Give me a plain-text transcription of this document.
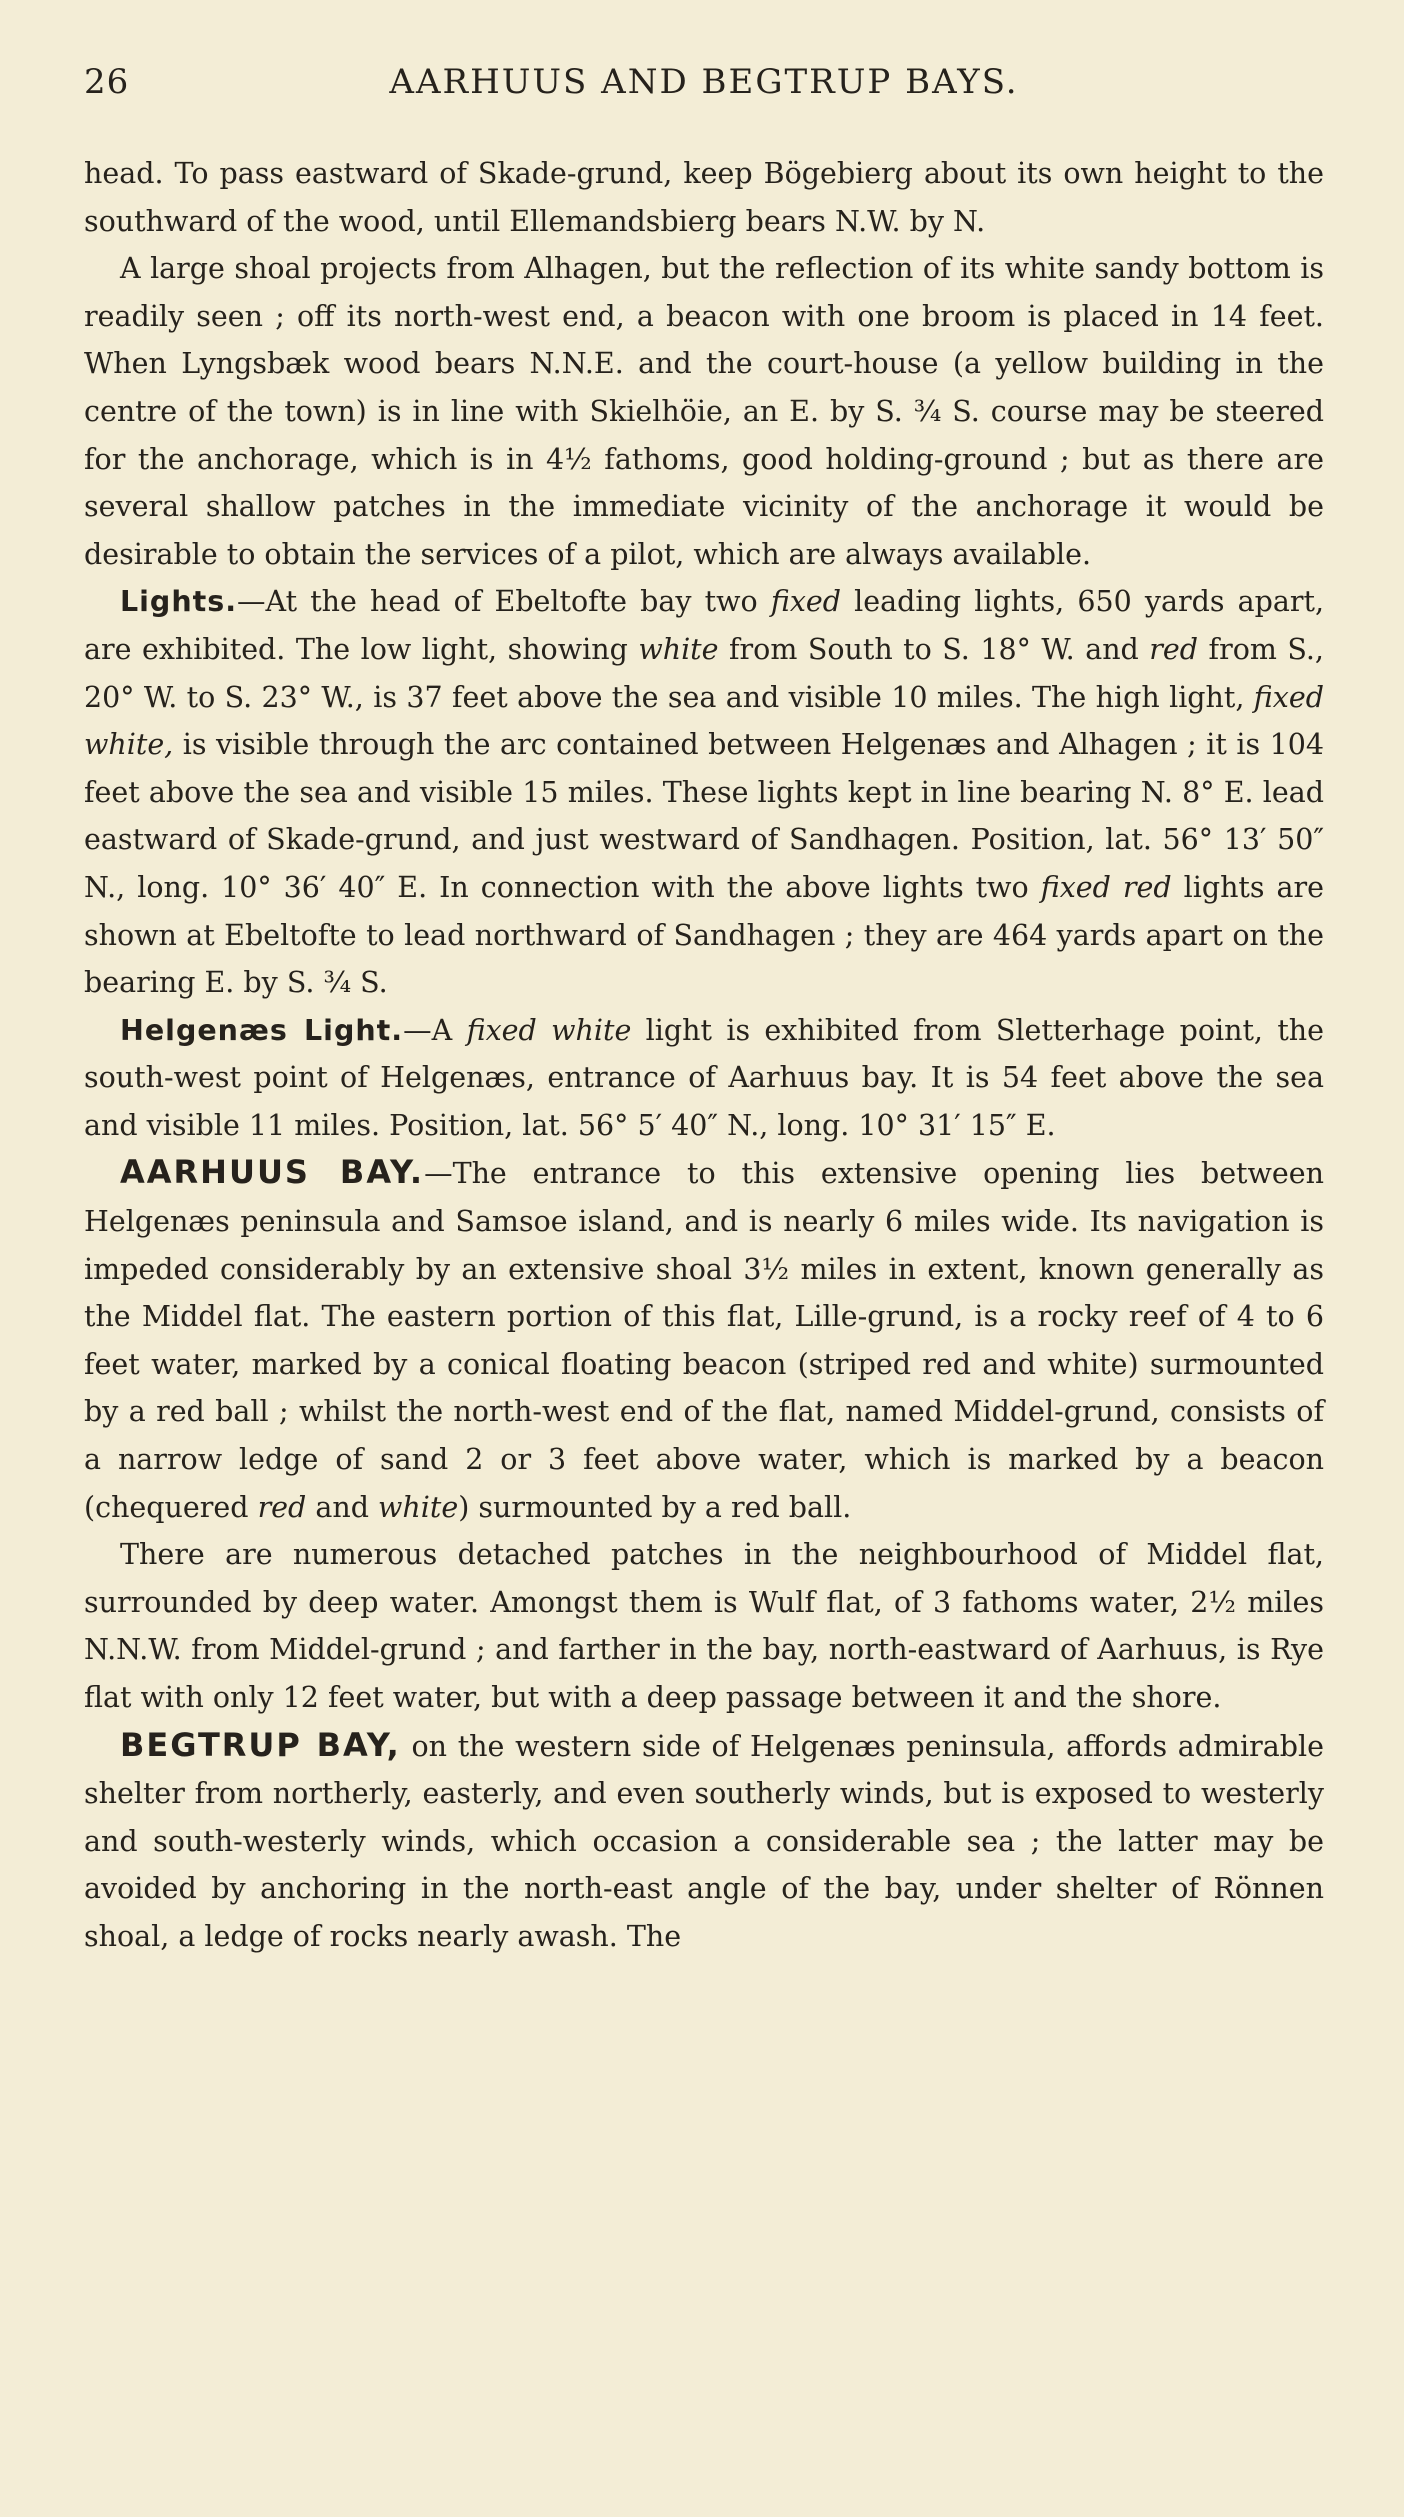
26	AARHUUS AND BEGTRUP BAYS.

head. To pass eastward of Skade-grund, keep Bögebierg about its own height to the southward of the wood, until Ellemandsbierg bears N.W. by N.

A large shoal projects from Alhagen, but the reflection of its white sandy bottom is readily seen ; off its north-west end, a beacon with one broom is placed in 14 feet. When Lyngsbæk wood bears N.N.E. and the court-house (a yellow building in the centre of the town) is in line with Skielhöie, an E. by S. ¾ S. course may be steered for the anchorage, which is in 4½ fathoms, good holding-ground ; but as there are several shallow patches in the immediate vicinity of the anchorage it would be desirable to obtain the services of a pilot, which are always available.

Lights.—At the head of Ebeltofte bay two fixed leading lights, 650 yards apart, are exhibited. The low light, showing white from South to S. 18° W. and red from S., 20° W. to S. 23° W., is 37 feet above the sea and visible 10 miles. The high light, fixed white, is visible through the arc contained between Helgenæs and Alhagen ; it is 104 feet above the sea and visible 15 miles. These lights kept in line bearing N. 8° E. lead eastward of Skade-grund, and just westward of Sandhagen. Position, lat. 56° 13′ 50″ N., long. 10° 36′ 40″ E. In connection with the above lights two fixed red lights are shown at Ebeltofte to lead northward of Sandhagen ; they are 464 yards apart on the bearing E. by S. ¾ S.

Helgenæs Light.—A fixed white light is exhibited from Sletterhage point, the south-west point of Helgenæs, entrance of Aarhuus bay. It is 54 feet above the sea and visible 11 miles. Position, lat. 56° 5′ 40″ N., long. 10° 31′ 15″ E.

AARHUUS BAY.—The entrance to this extensive opening lies between Helgenæs peninsula and Samsoe island, and is nearly 6 miles wide. Its navigation is impeded considerably by an extensive shoal 3½ miles in extent, known generally as the Middel flat. The eastern portion of this flat, Lille-grund, is a rocky reef of 4 to 6 feet water, marked by a conical floating beacon (striped red and white) surmounted by a red ball ; whilst the north-west end of the flat, named Middel-grund, consists of a narrow ledge of sand 2 or 3 feet above water, which is marked by a beacon (chequered red and white) surmounted by a red ball.

There are numerous detached patches in the neighbourhood of Middel flat, surrounded by deep water. Amongst them is Wulf flat, of 3 fathoms water, 2½ miles N.N.W. from Middel-grund ; and farther in the bay, north-eastward of Aarhuus, is Rye flat with only 12 feet water, but with a deep passage between it and the shore.

BEGTRUP BAY, on the western side of Helgenæs peninsula, affords admirable shelter from northerly, easterly, and even southerly winds, but is exposed to westerly and south-westerly winds, which occasion a considerable sea ; the latter may be avoided by anchoring in the north-east angle of the bay, under shelter of Rönnen shoal, a ledge of rocks nearly awash. The
